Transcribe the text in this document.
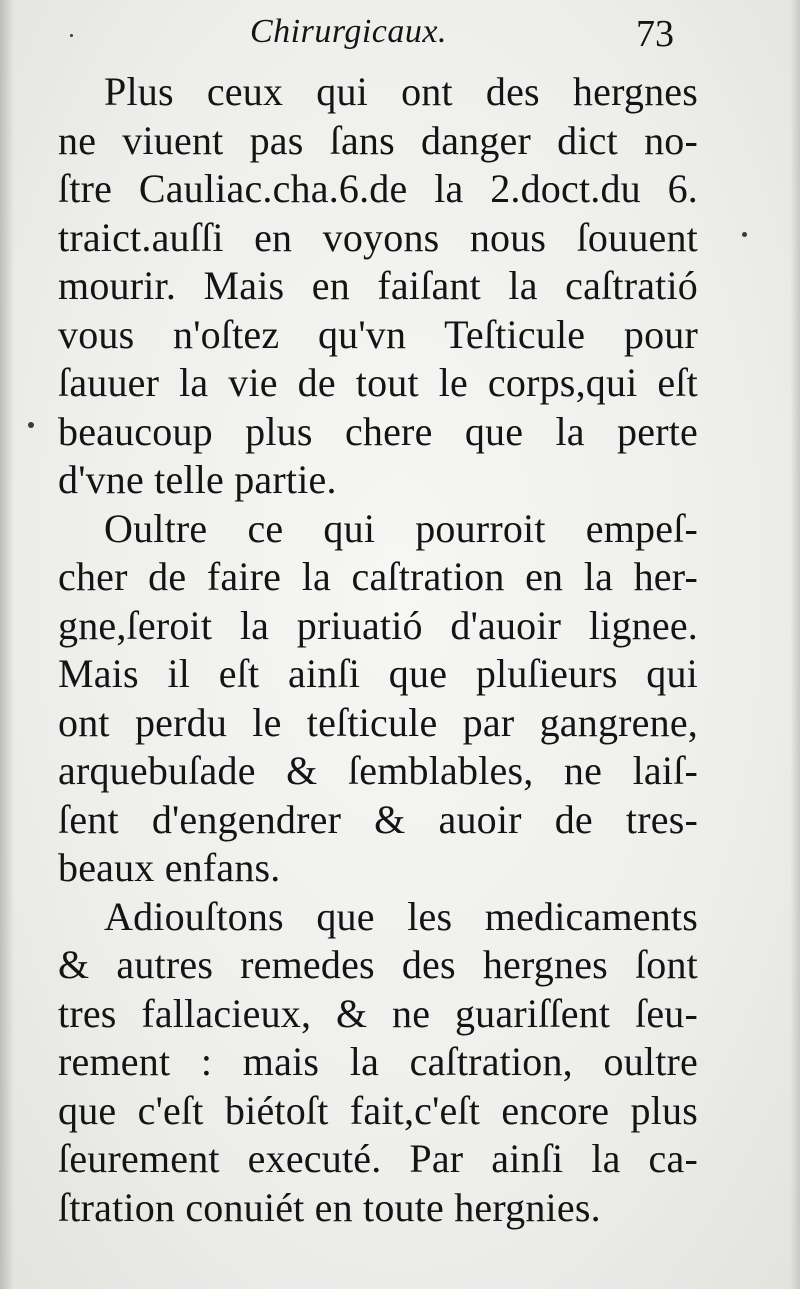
Chirurgicaux.	73
Plus ceux qui ont des hergnes
ne viuent pas ſans danger dict no-
ſtre Cauliac.cha.6.de la 2.doct.du 6.
traict.auſſi en voyons nous ſouuent
mourir. Mais en faiſant la caſtratió
vous n'oſtez qu'vn Teſticule pour
ſauuer la vie de tout le corps,qui eſt
beaucoup plus chere que la perte
d'vne telle partie.
Oultre ce qui pourroit empeſ-
cher de faire la caſtration en la her-
gne,ſeroit la priuatió d'auoir lignee.
Mais il eſt ainſi que pluſieurs qui
ont perdu le teſticule par gangrene,
arquebuſade & ſemblables, ne laiſ-
ſent d'engendrer & auoir de tres-
beaux enfans.
Adiouſtons que les medicaments
& autres remedes des hergnes ſont
tres fallacieux, & ne guariſſent ſeu-
rement : mais la caſtration, oultre
que c'eſt biétoſt fait,c'eſt encore plus
ſeurement executé. Par ainſi la ca-
ſtration conuiét en toute hergnies.
